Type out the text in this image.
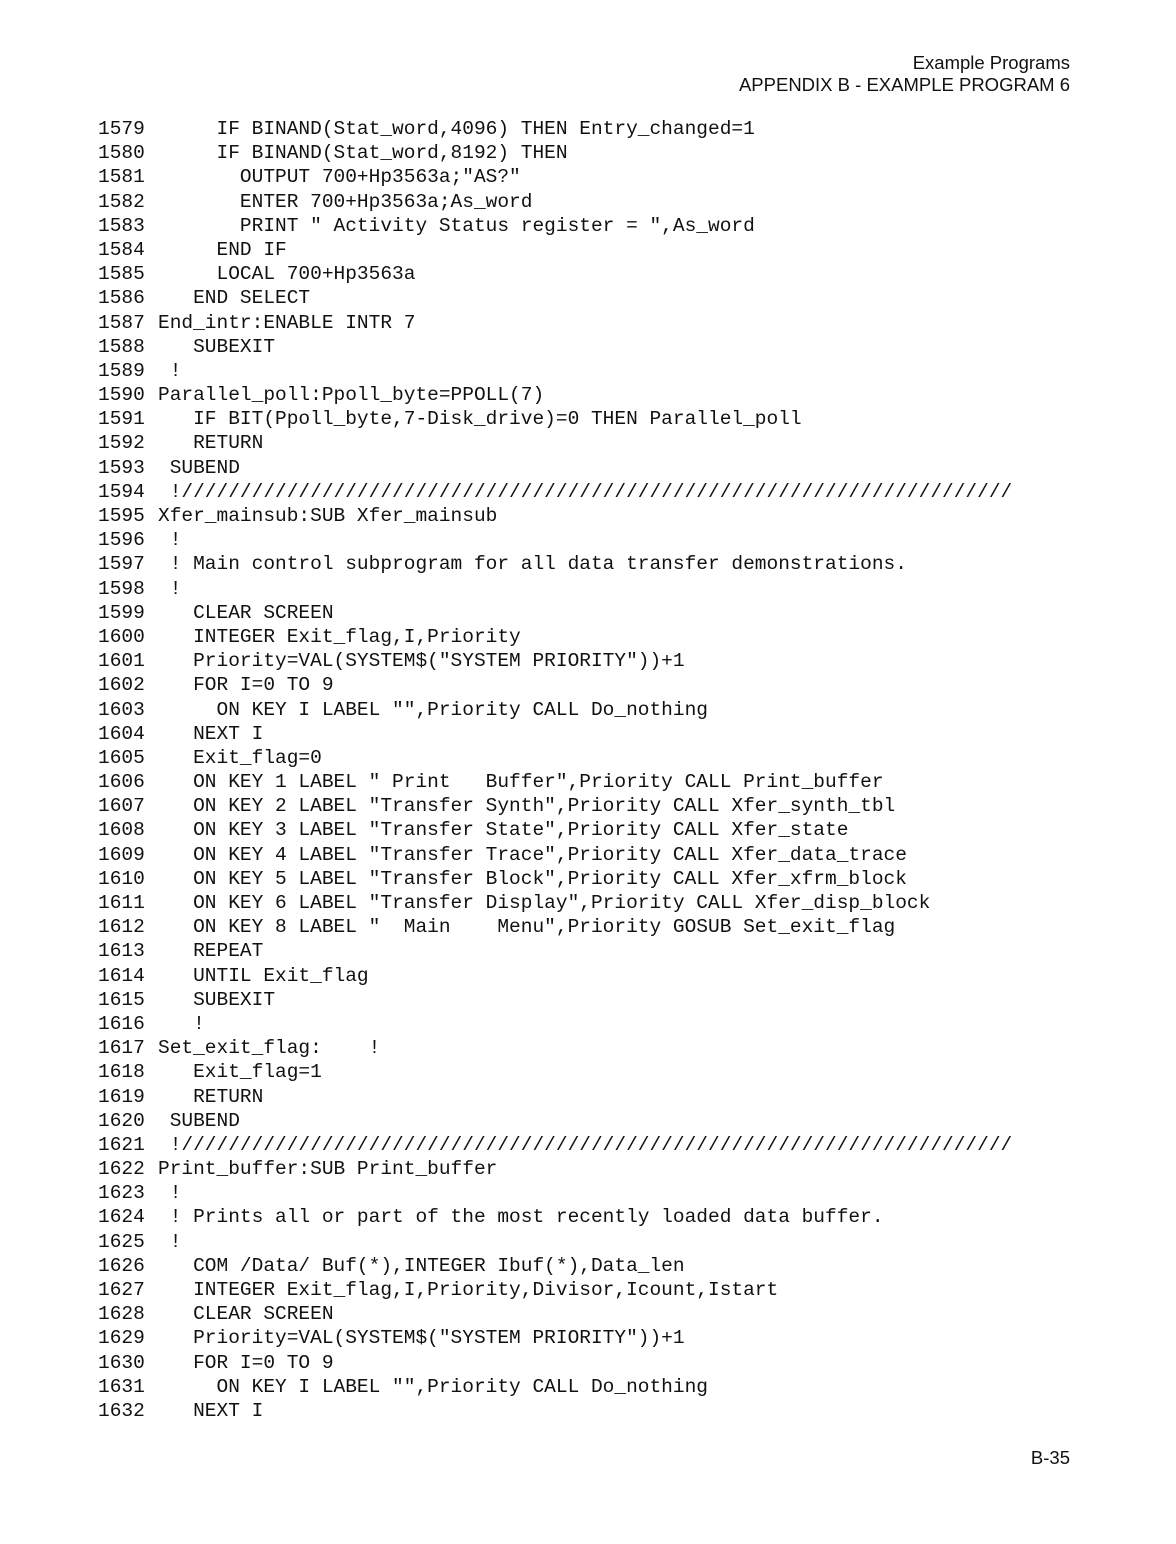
Example Programs
APPENDIX B - EXAMPLE PROGRAM 6
1579     IF BINAND(Stat_word,4096) THEN Entry_changed=1
1580     IF BINAND(Stat_word,8192) THEN
1581       OUTPUT 700+Hp3563a;"AS?"
1582       ENTER 700+Hp3563a;As_word
1583       PRINT " Activity Status register = ",As_word
1584     END IF
1585     LOCAL 700+Hp3563a
1586   END SELECT
1587 End_intr:ENABLE INTR 7
1588   SUBEXIT
1589 !
1590 Parallel_poll:Ppoll_byte=PPOLL(7)
1591   IF BIT(Ppoll_byte,7-Disk_drive)=0 THEN Parallel_poll
1592   RETURN
1593 SUBEND
1594 !///////////////////////////////////////////////////////////////////////
1595 Xfer_mainsub:SUB Xfer_mainsub
1596 !
1597 ! Main control subprogram for all data transfer demonstrations.
1598 !
1599   CLEAR SCREEN
1600   INTEGER Exit_flag,I,Priority
1601   Priority=VAL(SYSTEM$("SYSTEM PRIORITY"))+1
1602   FOR I=0 TO 9
1603     ON KEY I LABEL "",Priority CALL Do_nothing
1604   NEXT I
1605   Exit_flag=0
1606   ON KEY 1 LABEL " Print   Buffer",Priority CALL Print_buffer
1607   ON KEY 2 LABEL "Transfer Synth",Priority CALL Xfer_synth_tbl
1608   ON KEY 3 LABEL "Transfer State",Priority CALL Xfer_state
1609   ON KEY 4 LABEL "Transfer Trace",Priority CALL Xfer_data_trace
1610   ON KEY 5 LABEL "Transfer Block",Priority CALL Xfer_xfrm_block
1611   ON KEY 6 LABEL "Transfer Display",Priority CALL Xfer_disp_block
1612   ON KEY 8 LABEL "  Main    Menu",Priority GOSUB Set_exit_flag
1613   REPEAT
1614   UNTIL Exit_flag
1615   SUBEXIT
1616   !
1617 Set_exit_flag:    !
1618   Exit_flag=1
1619   RETURN
1620 SUBEND
1621 !///////////////////////////////////////////////////////////////////////
1622 Print_buffer:SUB Print_buffer
1623 !
1624 ! Prints all or part of the most recently loaded data buffer.
1625 !
1626   COM /Data/ Buf(*),INTEGER Ibuf(*),Data_len
1627   INTEGER Exit_flag,I,Priority,Divisor,Icount,Istart
1628   CLEAR SCREEN
1629   Priority=VAL(SYSTEM$("SYSTEM PRIORITY"))+1
1630   FOR I=0 TO 9
1631     ON KEY I LABEL "",Priority CALL Do_nothing
1632   NEXT I
B-35
